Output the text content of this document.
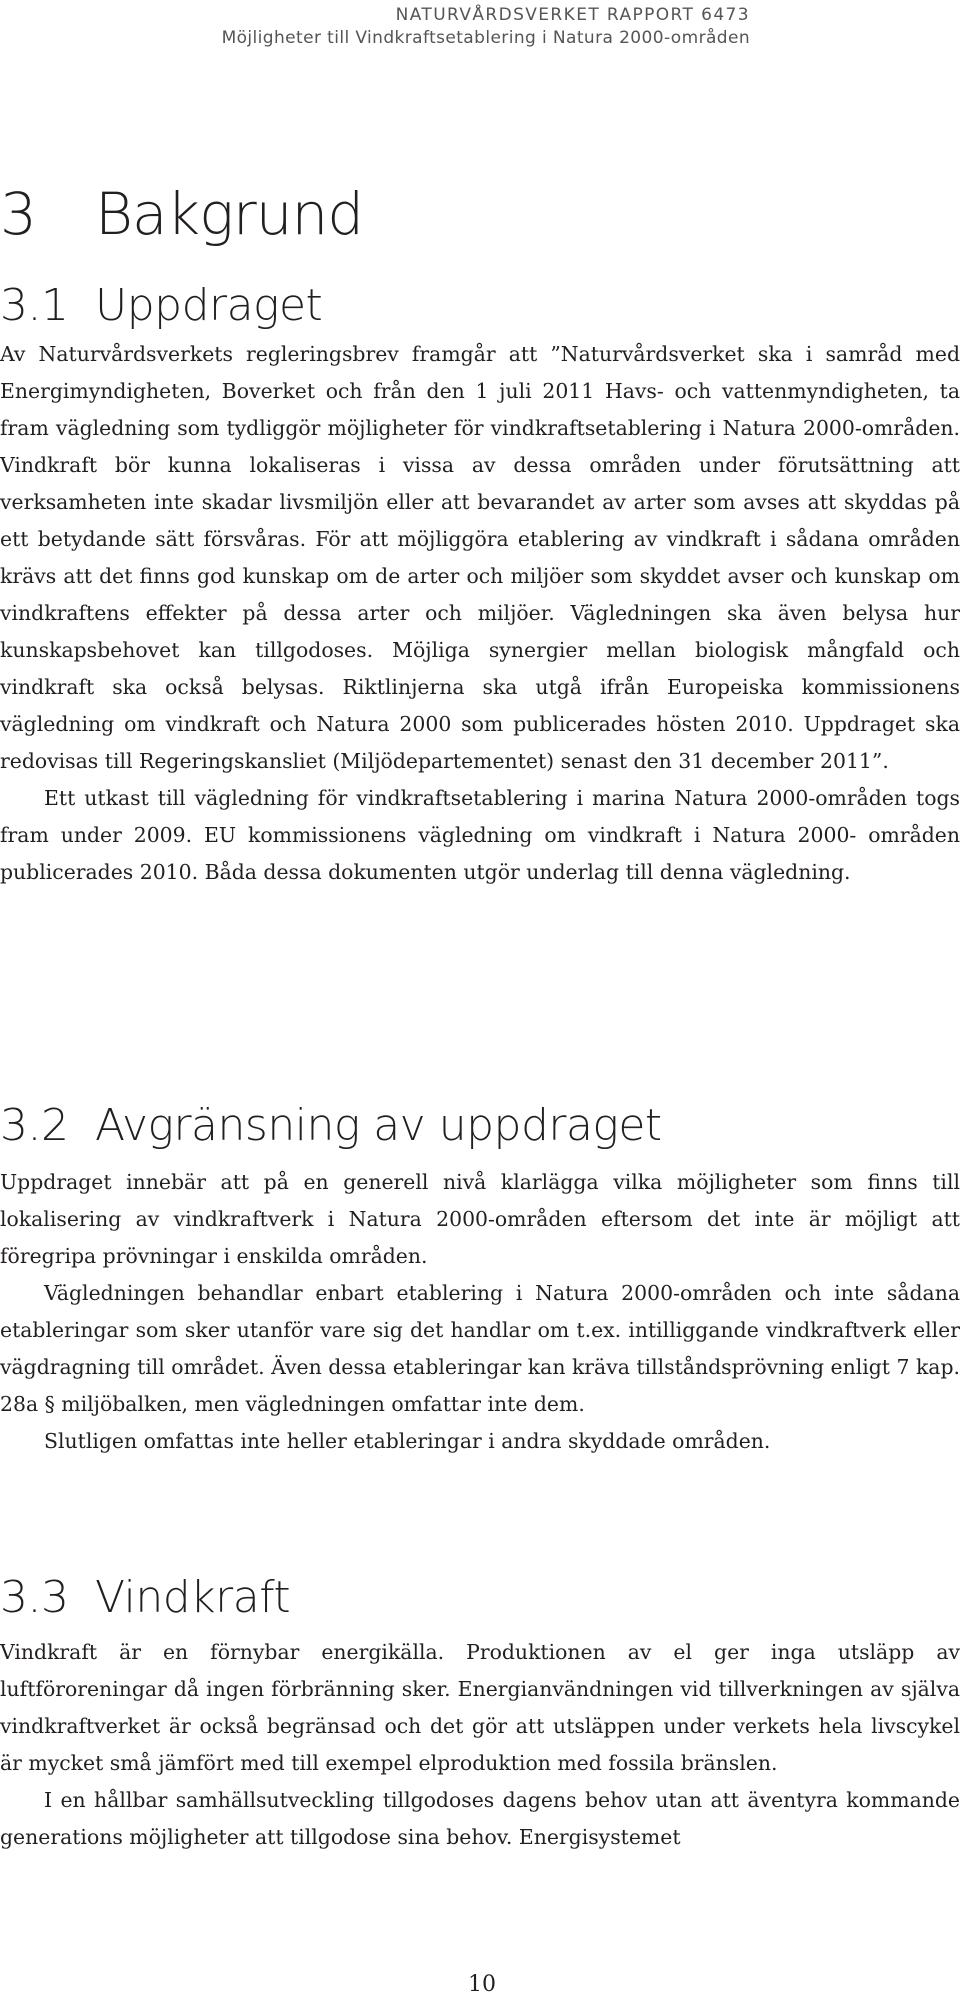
NATURVÅRDSVERKET RAPPORT 6473
Möjligheter till Vindkraftsetablering i Natura 2000-områden
3 Bakgrund
3.1 Uppdraget

Av Naturvårdsverkets regleringsbrev framgår att ”Naturvårdsverket ska i samråd med Energimyndigheten, Boverket och från den 1 juli 2011 Havs- och vattenmyndigheten, ta fram vägledning som tydliggör möjligheter för vindkraftsetablering i Natura 2000-områden. Vindkraft bör kunna lokaliseras i vissa av dessa områden under förutsättning att verksamheten inte skadar livsmiljön eller att bevarandet av arter som avses att skyddas på ett betydande sätt försvåras. För att möjliggöra etablering av vindkraft i sådana områden krävs att det finns god kunskap om de arter och miljöer som skyddet avser och kunskap om vindkraftens effekter på dessa arter och miljöer. Vägledningen ska även belysa hur kunskapsbehovet kan tillgodoses. Möjliga synergier mellan biologisk mångfald och vindkraft ska också belysas. Riktlinjerna ska utgå ifrån Europeiska kommissionens vägledning om vindkraft och Natura 2000 som publicerades hösten 2010. Uppdraget ska redovisas till Regeringskansliet (Miljödepartementet) senast den 31 december 2011”.

Ett utkast till vägledning för vindkraftsetablering i marina Natura 2000-områden togs fram under 2009. EU kommissionens vägledning om vindkraft i Natura 2000- områden publicerades 2010. Båda dessa dokumenten utgör underlag till denna vägledning.

3.2 Avgränsning av uppdraget

Uppdraget innebär att på en generell nivå klarlägga vilka möjligheter som finns till lokalisering av vindkraftverk i Natura 2000-områden eftersom det inte är möjligt att föregripa prövningar i enskilda områden.

Vägledningen behandlar enbart etablering i Natura 2000-områden och inte sådana etableringar som sker utanför vare sig det handlar om t.ex. intilliggande vindkraftverk eller vägdragning till området. Även dessa etableringar kan kräva tillståndsprövning enligt 7 kap. 28a § miljöbalken, men vägledningen omfattar inte dem.

Slutligen omfattas inte heller etableringar i andra skyddade områden.

3.3 Vindkraft

Vindkraft är en förnybar energikälla. Produktionen av el ger inga utsläpp av luftföroreningar då ingen förbränning sker. Energianvändningen vid tillverkningen av själva vindkraftverket är också begränsad och det gör att utsläppen under verkets hela livscykel är mycket små jämfört med till exempel elproduktion med fossila bränslen.

I en hållbar samhällsutveckling tillgodoses dagens behov utan att äventyra kommande generations möjligheter att tillgodose sina behov. Energisystemet

10
